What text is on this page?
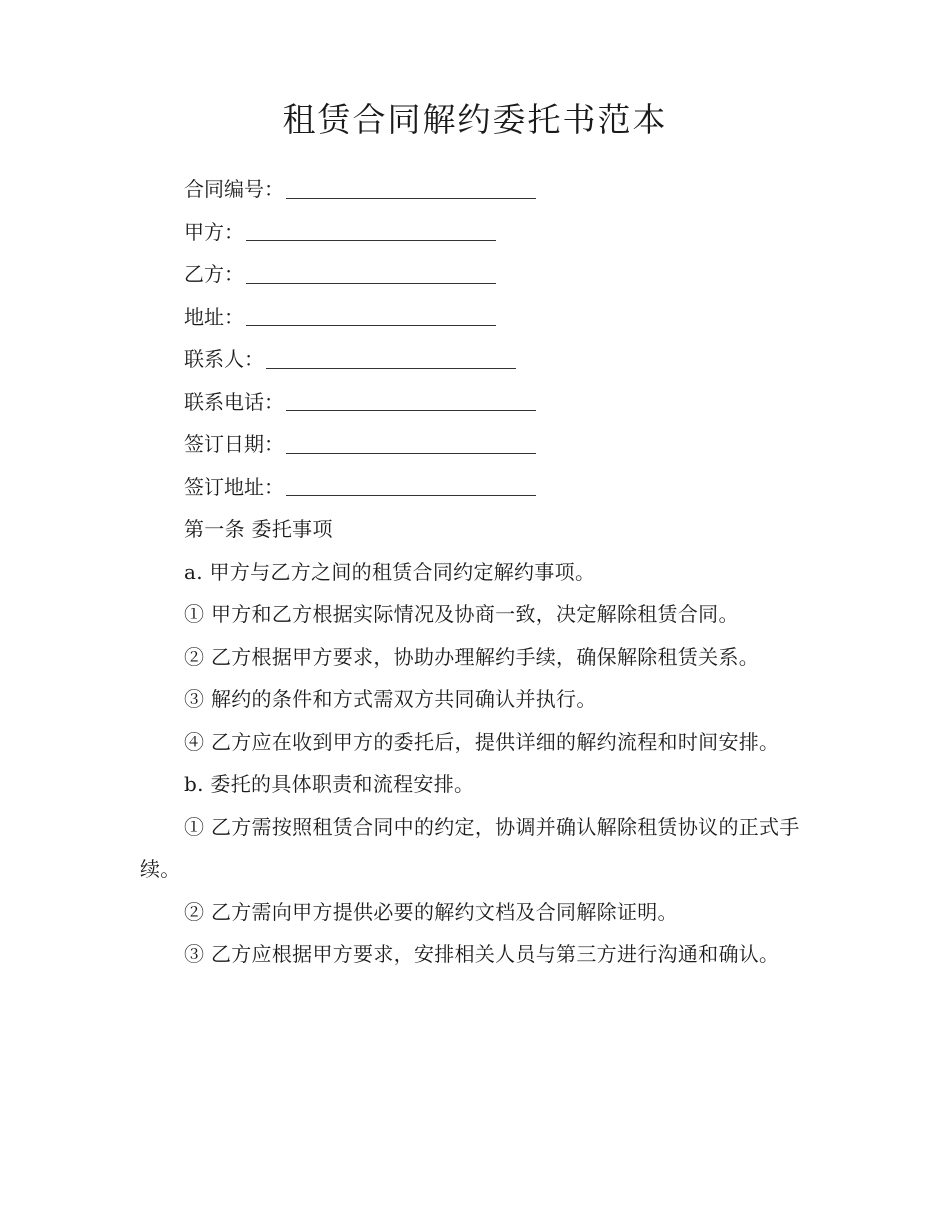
租赁合同解约委托书范本
合同编号：
甲方：
乙方：
地址：
联系人：
联系电话：
签订日期：
签订地址：

第一条 委托事项

a. 甲方与乙方之间的租赁合同约定解约事项。

① 甲方和乙方根据实际情况及协商一致，决定解除租赁合同。

② 乙方根据甲方要求，协助办理解约手续，确保解除租赁关系。

③ 解约的条件和方式需双方共同确认并执行。

④ 乙方应在收到甲方的委托后，提供详细的解约流程和时间安排。

b. 委托的具体职责和流程安排。

① 乙方需按照租赁合同中的约定，协调并确认解除租赁协议的正式手续。

② 乙方需向甲方提供必要的解约文档及合同解除证明。

③ 乙方应根据甲方要求，安排相关人员与第三方进行沟通和确认。
